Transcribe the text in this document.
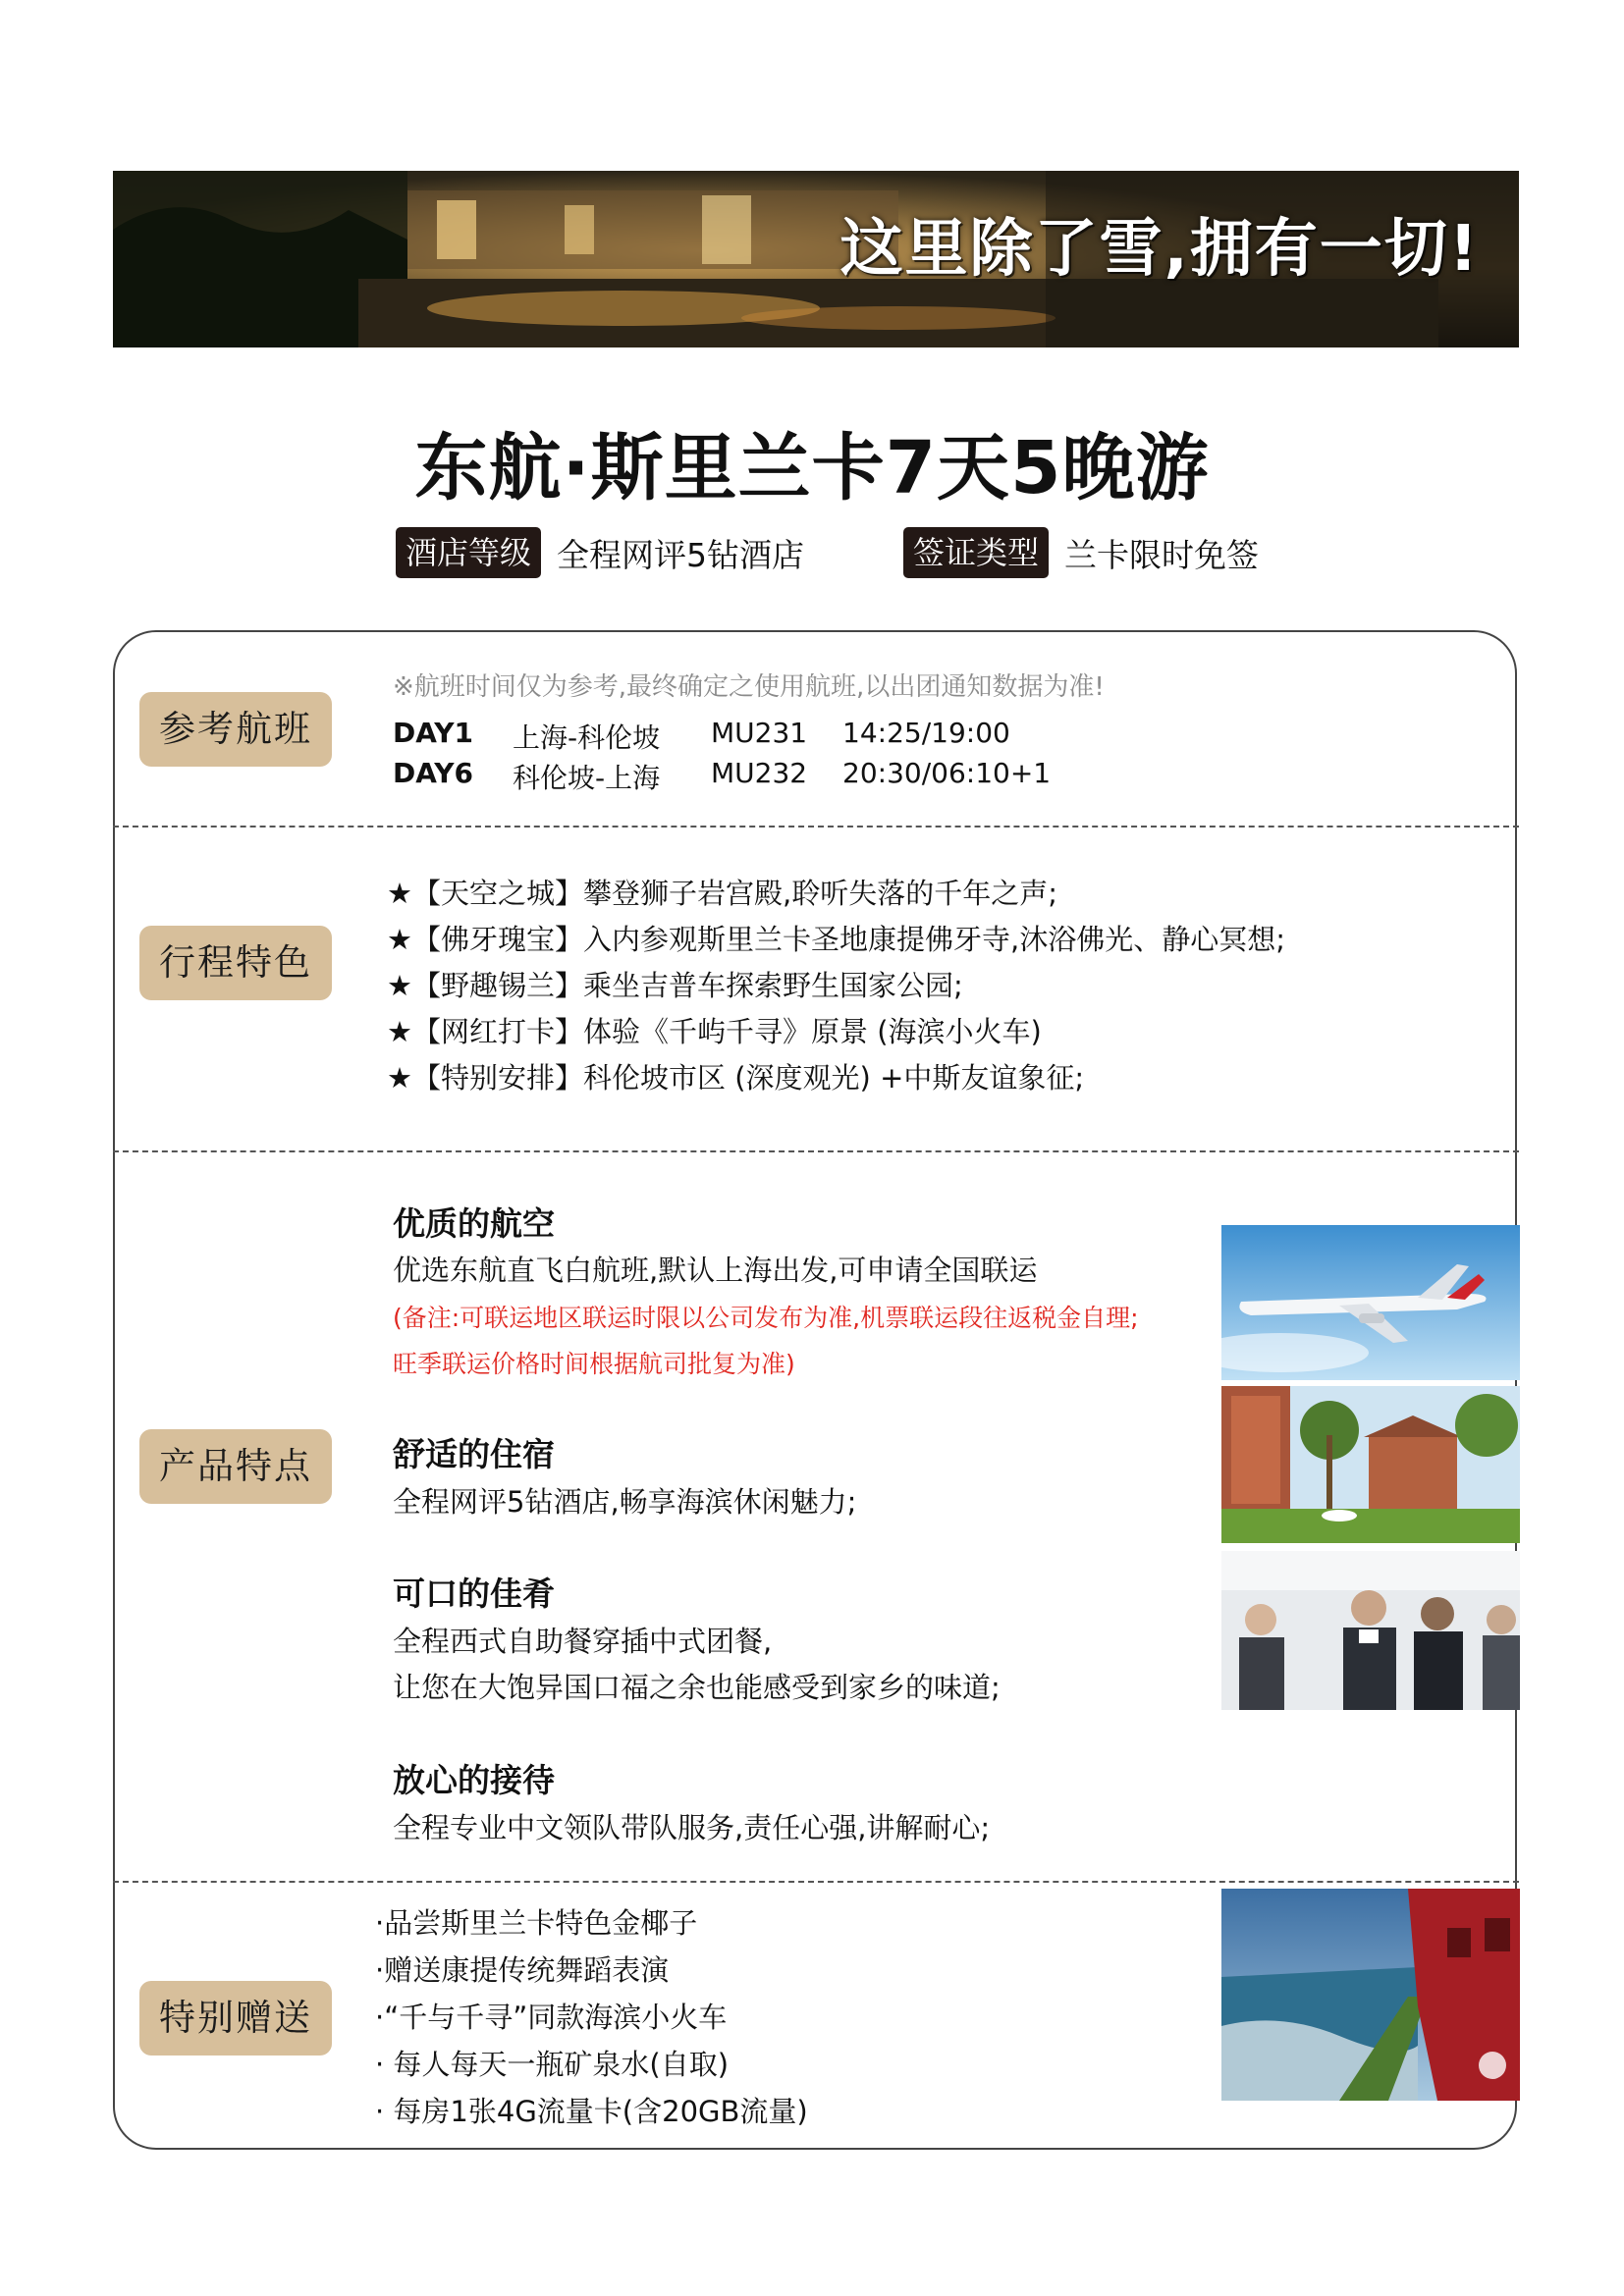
这里除了雪,拥有一切!
东航·斯里兰卡7天5晚游
酒店等级 全程网评5钻酒店	签证类型 兰卡限时免签
参考航班
※航班时间仅为参考,最终确定之使用航班,以出团通知数据为准!
DAY1 上海-科伦坡 MU231 14:25/19:00
DAY6 科伦坡-上海 MU232 20:30/06:10+1
行程特色
★【天空之城】攀登狮子岩宫殿,聆听失落的千年之声;
★【佛牙瑰宝】入内参观斯里兰卡圣地康提佛牙寺,沐浴佛光、静心冥想;
★【野趣锡兰】乘坐吉普车探索野生国家公园;
★【网红打卡】体验《千屿千寻》原景 (海滨小火车)
★【特别安排】科伦坡市区 (深度观光) +中斯友谊象征;
产品特点
优质的航空
优选东航直飞白航班,默认上海出发,可申请全国联运
(备注:可联运地区联运时限以公司发布为准,机票联运段往返税金自理;
旺季联运价格时间根据航司批复为准)
舒适的住宿
全程网评5钻酒店,畅享海滨休闲魅力;
可口的佳肴
全程西式自助餐穿插中式团餐,
让您在大饱异国口福之余也能感受到家乡的味道;
放心的接待
全程专业中文领队带队服务,责任心强,讲解耐心;
特别赠送
·品尝斯里兰卡特色金椰子
·赠送康提传统舞蹈表演
·“千与千寻”同款海滨小火车
· 每人每天一瓶矿泉水(自取)
· 每房1张4G流量卡(含20GB流量)
